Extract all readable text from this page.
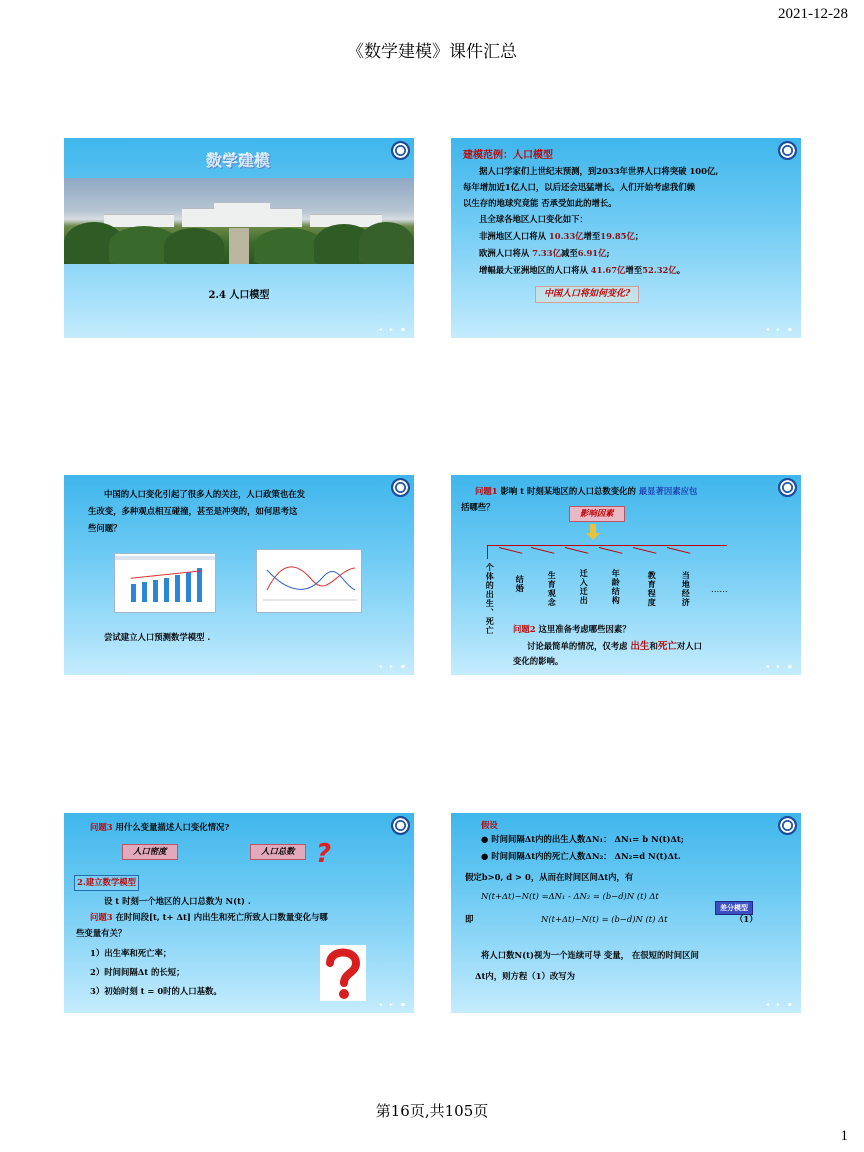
2021-12-28
《数学建模》课件汇总
数学建模
2.4 人口模型
◂ ▸ ▪
建模范例：人口模型
据人口学家们上世纪末预测，到2033年世界人口将突破 100亿,
每年增加近1亿人口，以后还会迅猛增长。人们开始考虑我们赖
以生存的地球究竟能 否承受如此的增长。
且全球各地区人口变化如下：
非洲地区人口将从 10.33亿增至19.85亿；
欧洲人口将从 7.33亿减至6.91亿;
增幅最大亚洲地区的人口将从 41.67亿增至52.32亿。
中国人口将如何变化?
◂ ▸ ▪
中国的人口变化引起了很多人的关注，人口政策也在发
生改变，多种观点相互碰撞，甚至是冲突的，如何思考这
些问题？
尝试建立人口预测数学模型 .
◂ ▸ ▪
问题1 影响 t 时刻某地区的人口总数变化的 最显著因素应包
括哪些？
影响因素
个体的出生、死亡	结婚	生育观念	迁入迁出	年龄结构	教育程度	当地经济 ……
问题2 这里准备考虑哪些因素？
讨论最简单的情况，仅考虑 出生和死亡对人口
变化的影响。
◂ ▸ ▪
问题3 用什么变量描述人口变化情况?
人口密度	人口总数 ?
2.建立数学模型
设 t 时刻一个地区的人口总数为 N(t) .
问题3 在时间段[t, t+ Δt] 内出生和死亡所致人口数量变化与哪
些变量有关？
1）出生率和死亡率；
2）时间间隔Δt 的长短；
3）初始时刻 t = 0时的人口基数。
◂ ▸ ▪
假设
● 时间间隔Δt内的出生人数ΔN₁： ΔN₁= b N(t)Δt;
● 时间间隔Δt内的死亡人数ΔN₂： ΔN₂=d N(t)Δt.
假定b>0, d > 0，从而在时间区间Δt内，有
N(t+Δt)−N(t) =ΔN₁ - ΔN₂ = (b−d)N (t) Δt
差分模型
即	N(t+Δt)−N(t) = (b−d)N (t) Δt	（1）
将人口数N(t)视为一个连续可导 变量， 在很短的时间区间
Δt内，则方程（1）改写为
◂ ▸ ▪
第16页,共105页
1
